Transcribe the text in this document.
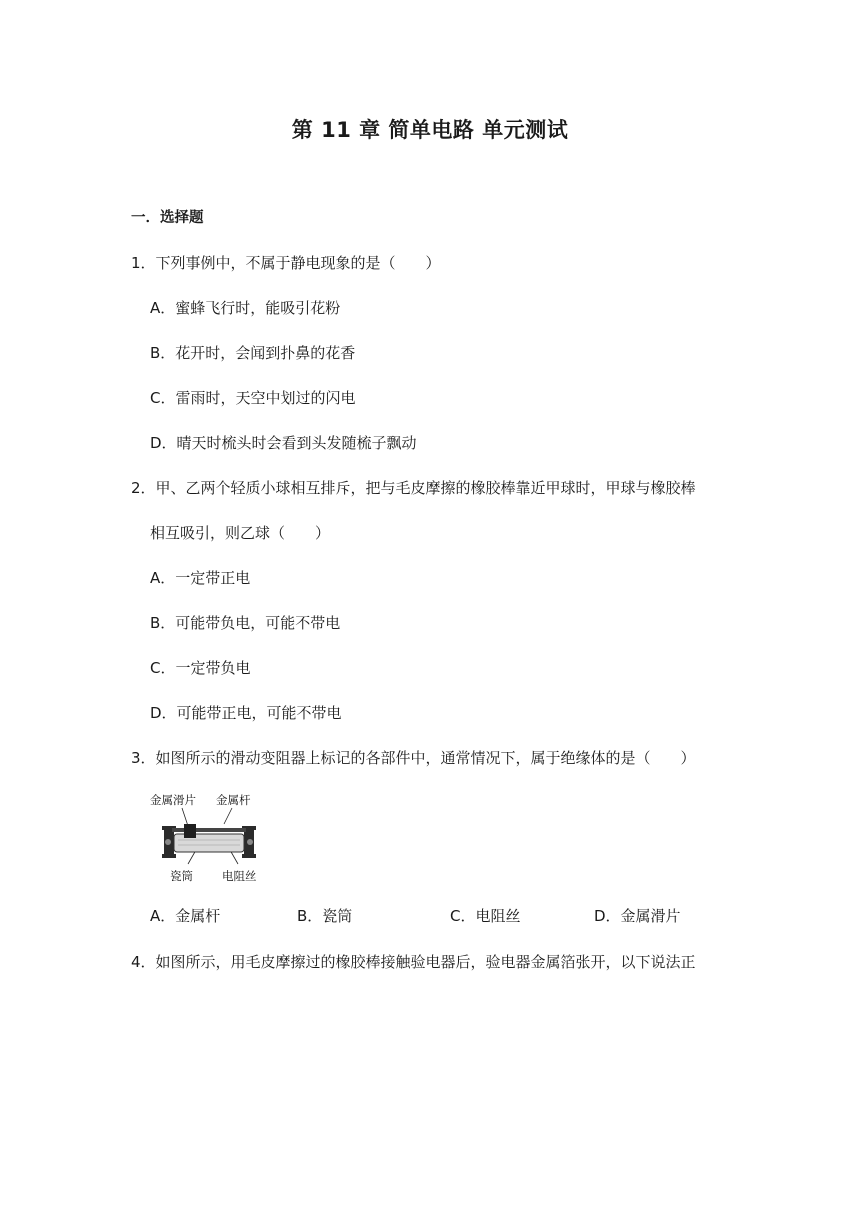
第 11 章 简单电路 单元测试
一．选择题
1．下列事例中，不属于静电现象的是（　　）
A．蜜蜂飞行时，能吸引花粉
B．花开时，会闻到扑鼻的花香
C．雷雨时，天空中划过的闪电
D．晴天时梳头时会看到头发随梳子飘动
2．甲、乙两个轻质小球相互排斥，把与毛皮摩擦的橡胶棒靠近甲球时，甲球与橡胶棒
相互吸引，则乙球（　　）
A．一定带正电
B．可能带负电，可能不带电
C．一定带负电
D．可能带正电，可能不带电
3．如图所示的滑动变阻器上标记的各部件中，通常情况下，属于绝缘体的是（　　）
金属滑片 金属杆
瓷筒	电阻丝
A．金属杆	B．瓷筒	C．电阻丝	D．金属滑片
4．如图所示，用毛皮摩擦过的橡胶棒接触验电器后，验电器金属箔张开，以下说法正
